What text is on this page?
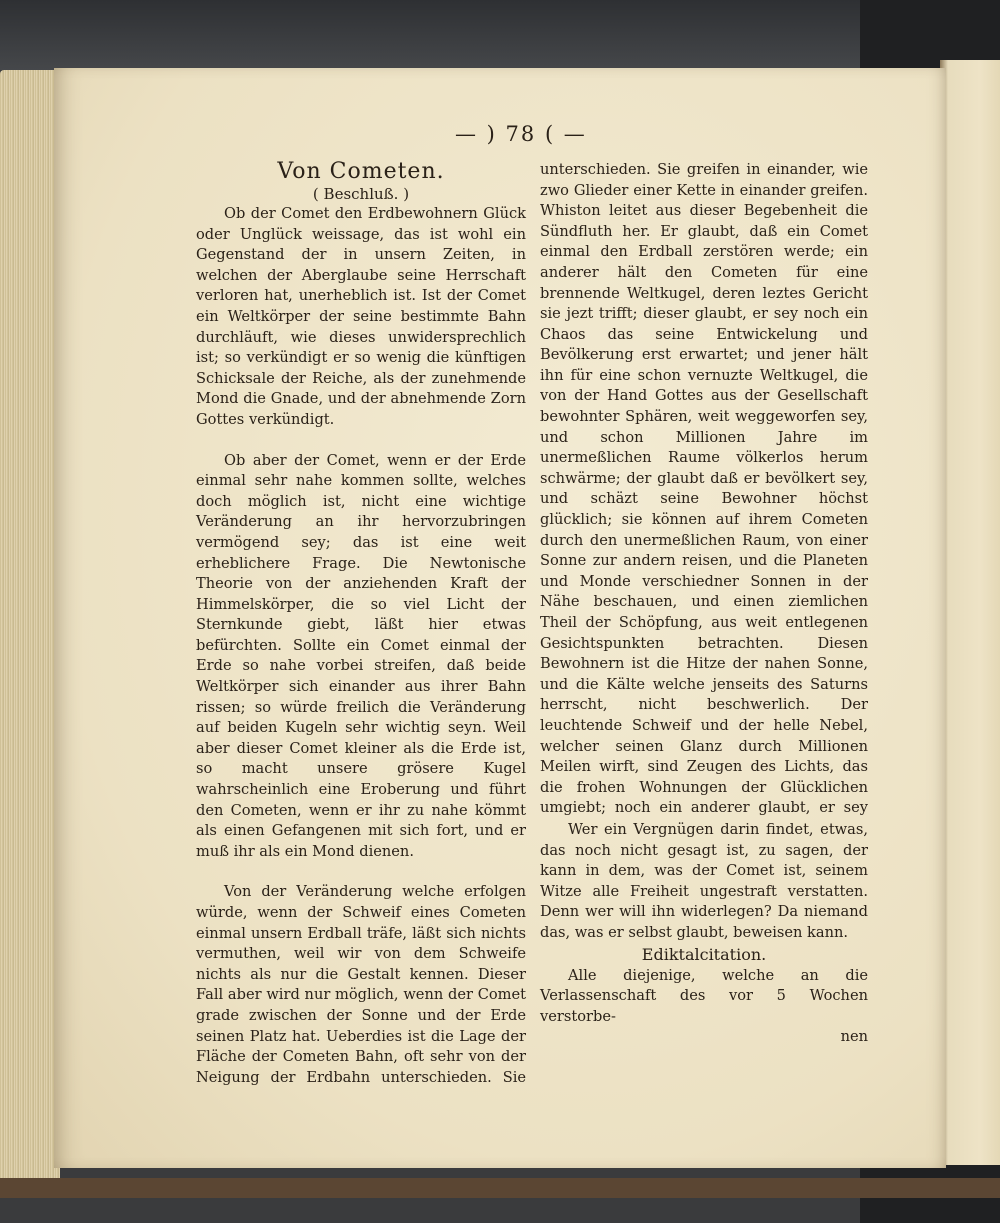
— ) 78 ( —

Von Cometen.

( Beschluß. )

Ob der Comet den Erdbewohnern Glück oder Unglück weissage, das ist wohl ein Gegenstand der in unsern Zeiten, in welchen der Aberglaube seine Herrschaft verloren hat, unerheblich ist. Ist der Comet ein Weltkörper der seine bestimmte Bahn durchläuft, wie dieses unwidersprechlich ist; so verkündigt er so wenig die künftigen Schicksale der Reiche, als der zunehmende Mond die Gnade, und der abnehmende Zorn Gottes verkündigt.

Ob aber der Comet, wenn er der Erde einmal sehr nahe kommen sollte, welches doch möglich ist, nicht eine wichtige Veränderung an ihr hervorzubringen vermögend sey; das ist eine weit erheblichere Frage. Die Newtonische Theorie von der anziehenden Kraft der Himmelskörper, die so viel Licht der Sternkunde giebt, läßt hier etwas befürchten. Sollte ein Comet einmal der Erde so nahe vorbei streifen, daß beide Weltkörper sich einander aus ihrer Bahn rissen; so würde freilich die Veränderung auf beiden Kugeln sehr wichtig seyn. Weil aber dieser Comet kleiner als die Erde ist, so macht unsere grösere Kugel wahrscheinlich eine Eroberung und führt den Cometen, wenn er ihr zu nahe kömmt als einen Gefangenen mit sich fort, und er muß ihr als ein Mond dienen.

Von der Veränderung welche erfolgen würde, wenn der Schweif eines Cometen einmal unsern Erdball träfe, läßt sich nichts vermuthen, weil wir von dem Schweife nichts als nur die Gestalt kennen. Dieser Fall aber wird nur möglich, wenn der Comet grade zwischen der Sonne und der Erde seinen Platz hat. Ueberdies ist die Lage der Fläche der Cometen Bahn, oft sehr von der Neigung der Erdbahn unterschieden. Sie

unterschieden. Sie greifen in einander, wie zwo Glieder einer Kette in einander greifen. Whiston leitet aus dieser Begebenheit die Sündfluth her. Er glaubt, daß ein Comet einmal den Erdball zerstören werde; ein anderer hält den Cometen für eine brennende Weltkugel, deren leztes Gericht sie jezt trifft; dieser glaubt, er sey noch ein Chaos das seine Entwickelung und Bevölkerung erst erwartet; und jener hält ihn für eine schon vernuzte Weltkugel, die von der Hand Gottes aus der Gesellschaft bewohnter Sphären, weit weggeworfen sey, und schon Millionen Jahre im unermeßlichen Raume völkerlos herum schwärme; der glaubt daß er bevölkert sey, und schäzt seine Bewohner höchst glücklich; sie können auf ihrem Cometen durch den unermeßlichen Raum, von einer Sonne zur andern reisen, und die Planeten und Monde verschiedner Sonnen in der Nähe beschauen, und einen ziemlichen Theil der Schöpfung, aus weit entlegenen Gesichtspunkten betrachten. Diesen Bewohnern ist die Hitze der nahen Sonne, und die Kälte welche jenseits des Saturns herrscht, nicht beschwerlich. Der leuchtende Schweif und der helle Nebel, welcher seinen Glanz durch Millionen Meilen wirft, sind Zeugen des Lichts, das die frohen Wohnungen der Glücklichen umgiebt; noch ein anderer glaubt, er sey

Wer ein Vergnügen darin findet, etwas, das noch nicht gesagt ist, zu sagen, der kann in dem, was der Comet ist, seinem Witze alle Freiheit ungestraft verstatten. Denn wer will ihn widerlegen? Da niemand das, was er selbst glaubt, beweisen kann.

Ediktalcitation.

Alle diejenige, welche an die Verlassenschaft des vor 5 Wochen verstorbe-

nen
